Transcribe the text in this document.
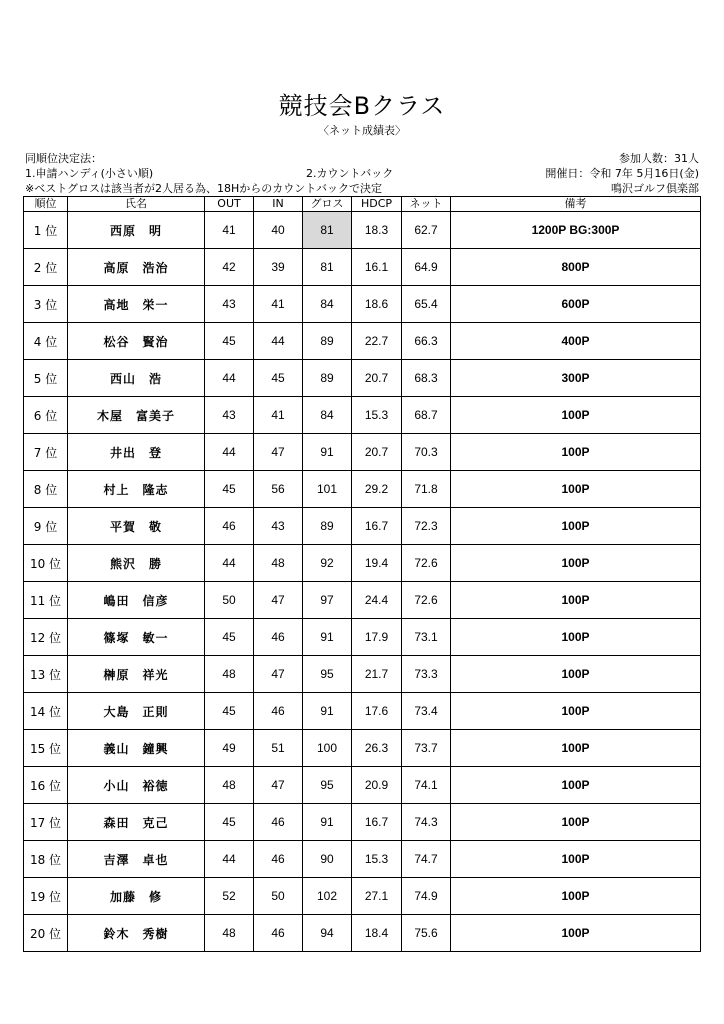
競技会Bクラス
〈ネット成績表〉
同順位決定法：
1.申請ハンディ(小さい順)	2.カウントバック
※ベストグロスは該当者が2人居る為、18Hからのカウントバックで決定
参加人数：31人
開催日：令和 7年 5月16日(金)
鳴沢ゴルフ倶楽部
順位	氏名	OUT	IN	グロス	HDCP	ネット	備考
1 位	西原　明	41	40	81	18.3	62.7	1200P BG:300P
2 位	高原　浩治	42	39	81	16.1	64.9	800P
3 位	高地　栄一	43	41	84	18.6	65.4	600P
4 位	松谷　賢治	45	44	89	22.7	66.3	400P
5 位	西山　浩	44	45	89	20.7	68.3	300P
6 位	木屋　富美子	43	41	84	15.3	68.7	100P
7 位	井出　登	44	47	91	20.7	70.3	100P
8 位	村上　隆志	45	56	101	29.2	71.8	100P
9 位	平賀　敬	46	43	89	16.7	72.3	100P
10 位	熊沢　勝	44	48	92	19.4	72.6	100P
11 位	嶋田　信彦	50	47	97	24.4	72.6	100P
12 位	篠塚　敏一	45	46	91	17.9	73.1	100P
13 位	榊原　祥光	48	47	95	21.7	73.3	100P
14 位	大島　正則	45	46	91	17.6	73.4	100P
15 位	義山　鐘興	49	51	100	26.3	73.7	100P
16 位	小山　裕徳	48	47	95	20.9	74.1	100P
17 位	森田　克己	45	46	91	16.7	74.3	100P
18 位	吉澤　卓也	44	46	90	15.3	74.7	100P
19 位	加藤　修	52	50	102	27.1	74.9	100P
20 位	鈴木　秀樹	48	46	94	18.4	75.6	100P
